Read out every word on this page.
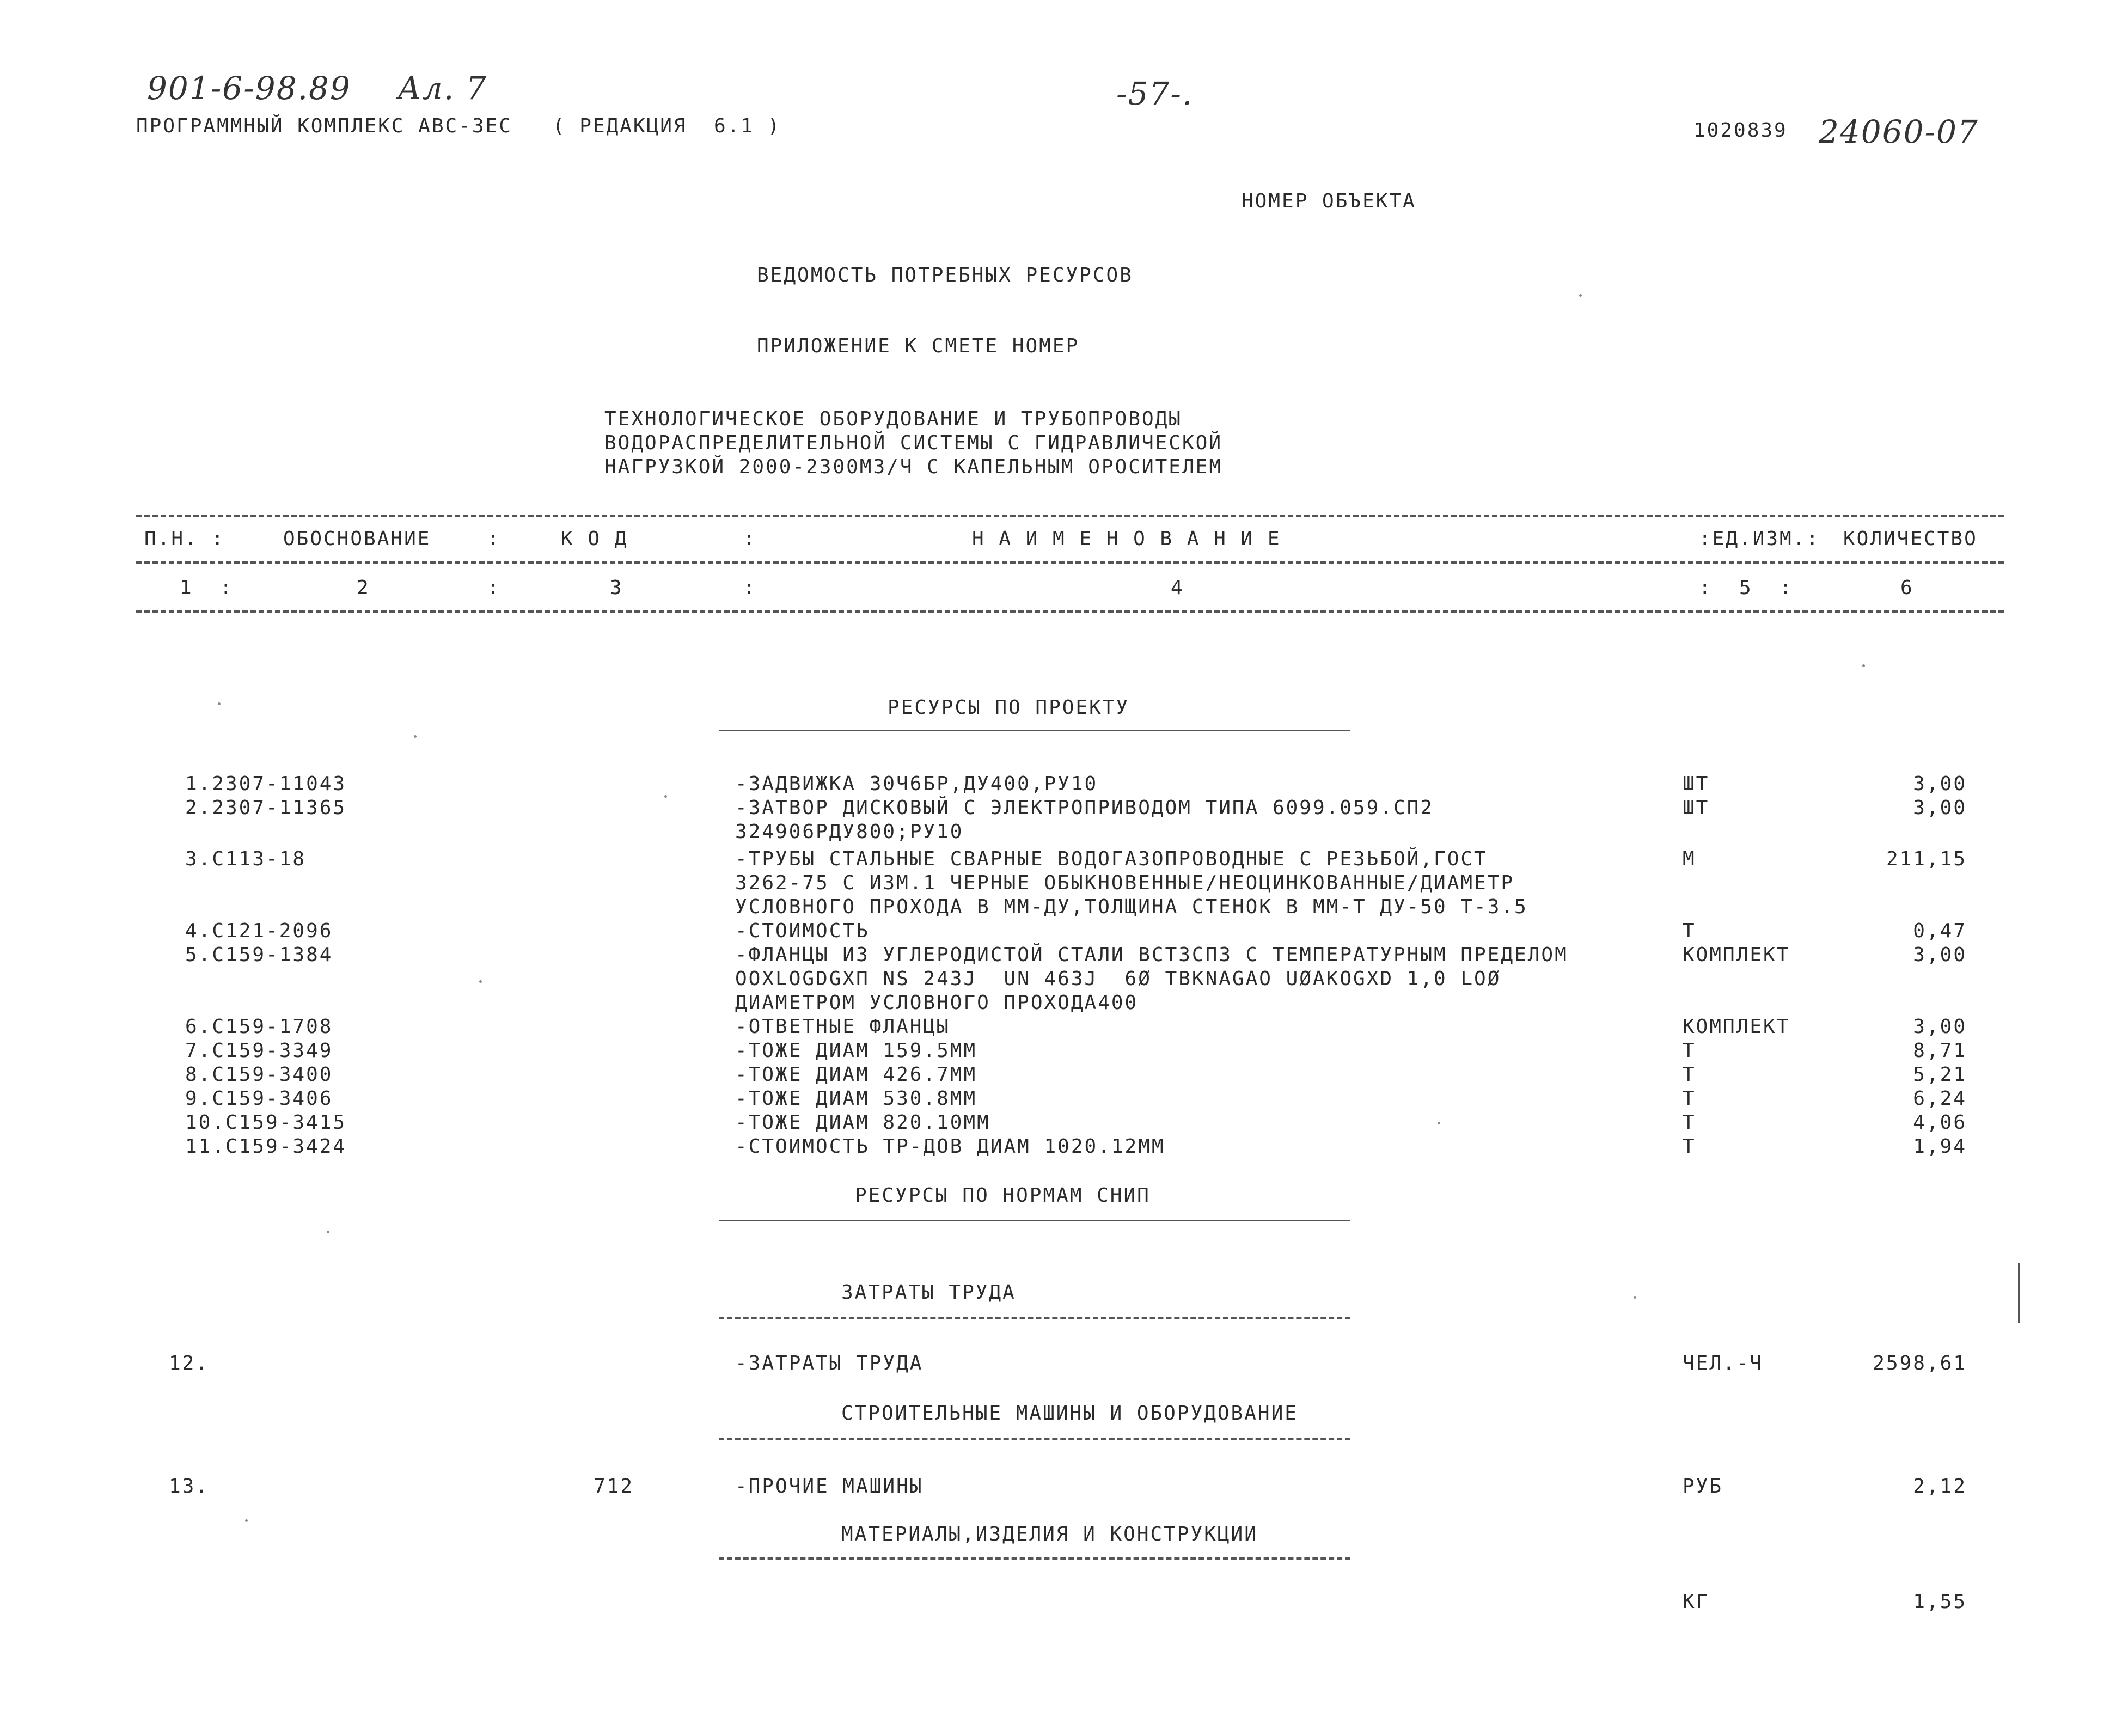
901-6-98.89 Ал. 7	-57-.
24060-07
ПРОГРАММНЫЙ КОМПЛЕКС АВС-3ЕС   ( РЕДАКЦИЯ  6.1 )	1020839
НОМЕР ОБЪЕКТА
ВЕДОМОСТЬ ПОТРЕБНЫХ РЕСУРСОВ
ПРИЛОЖЕНИЕ К СМЕТЕ НОМЕР
ТЕХНОЛОГИЧЕСКОЕ ОБОРУДОВАНИЕ И ТРУБОПРОВОДЫ
ВОДОРАСПРЕДЕЛИТЕЛЬНОЙ СИСТЕМЫ С ГИДРАВЛИЧЕСКОЙ
НАГРУЗКОЙ 2000-2300М3/Ч С КАПЕЛЬНЫМ ОРОСИТЕЛЕМ
П.Н. :	ОБОСНОВАНИЕ	:	К О Д	:	Н А И М Е Н О В А Н И Е	:ЕД.ИЗМ.: КОЛИЧЕСТВО
1  :	2	:	3	:	4	:  5  :	6
РЕСУРСЫ ПО ПРОЕКТУ
1.2307-11043	-ЗАДВИЖКА 30Ч6БР,ДУ400,РУ10	ШТ	3,00
2.2307-11365	-ЗАТВОР ДИСКОВЫЙ С ЭЛЕКТРОПРИВОДОМ ТИПА 6099.059.СП2	ШТ	3,00
324906РДУ800;РУ10
3.С113-18	-ТРУБЫ СТАЛЬНЫЕ СВАРНЫЕ ВОДОГАЗОПРОВОДНЫЕ С РЕЗЬБОЙ,ГОСТ	М	211,15
3262-75 С ИЗМ.1 ЧЕРНЫЕ ОБЫКНОВЕННЫЕ/НЕОЦИНКОВАННЫЕ/ДИАМЕТР
УСЛОВНОГО ПРОХОДА В ММ-ДУ,ТОЛЩИНА СТЕНОК В ММ-Т ДУ-50 Т-3.5
4.С121-2096	-СТОИМОСТЬ	Т	0,47
5.С159-1384	-ФЛАНЦЫ ИЗ УГЛЕРОДИСТОЙ СТАЛИ ВСТ3СП3 С ТЕМПЕРАТУРНЫМ ПРЕДЕЛОМ	КОМПЛЕКТ	3,00
OOXLOGDGXП NS 243J  UN 463J  6Ø TBKNAGAO UØAKOGXD 1,0 LOØ
ДИАМЕТРОМ УСЛОВНОГО ПРОХОДА400
6.С159-1708	-ОТВЕТНЫЕ ФЛАНЦЫ	КОМПЛЕКТ	3,00
7.С159-3349	-ТОЖЕ ДИАМ 159.5ММ	Т	8,71
8.С159-3400	-ТОЖЕ ДИАМ 426.7ММ	Т	5,21
9.С159-3406	-ТОЖЕ ДИАМ 530.8ММ	Т	6,24
10.С159-3415	-ТОЖЕ ДИАМ 820.10ММ	Т	4,06
11.С159-3424	-СТОИМОСТЬ ТР-ДОВ ДИАМ 1020.12ММ	Т	1,94
РЕСУРСЫ ПО НОРМАМ СНИП
ЗАТРАТЫ ТРУДА
12.	-ЗАТРАТЫ ТРУДА	ЧЕЛ.-Ч	2598,61
СТРОИТЕЛЬНЫЕ МАШИНЫ И ОБОРУДОВАНИЕ
13.	712	-ПРОЧИЕ МАШИНЫ	РУБ	2,12
МАТЕРИАЛЫ,ИЗДЕЛИЯ И КОНСТРУКЦИИ
КГ	1,55
